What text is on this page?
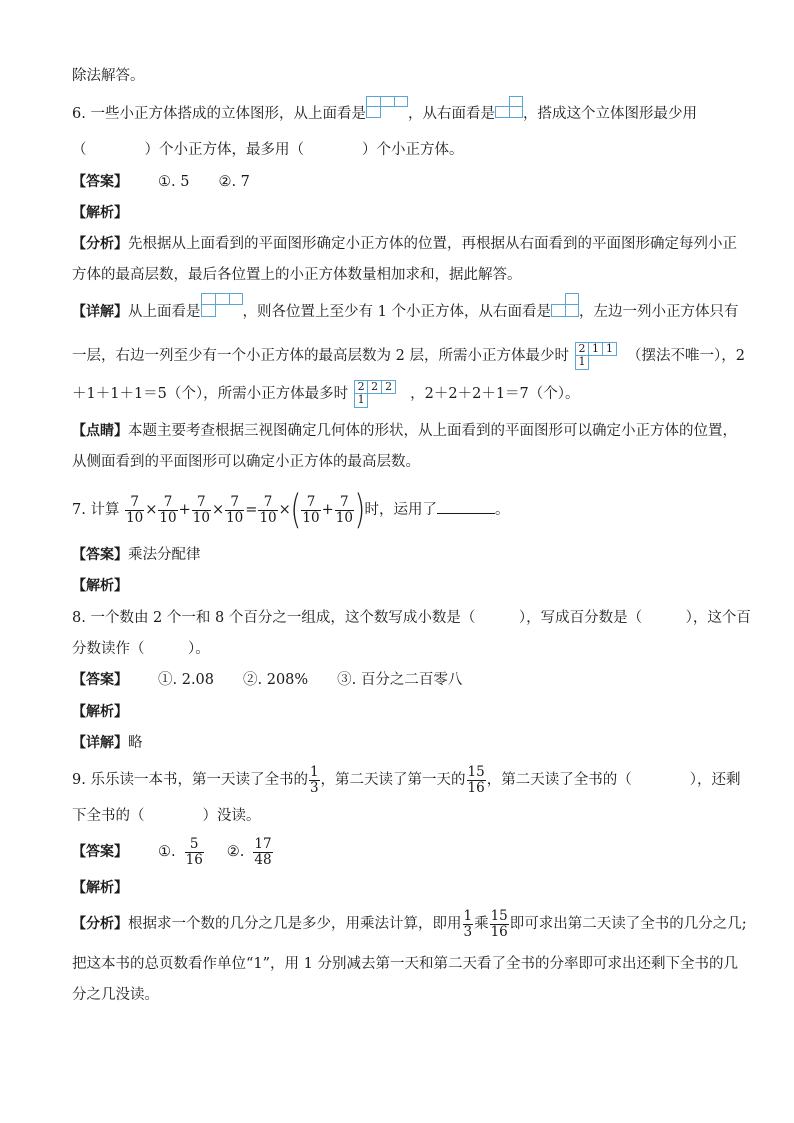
除法解答。
6. 一些小正方体搭成的立体图形，从上面看是	，从右面看是 ，搭成这个立体图形最少用
（　　　　）个小正方体，最多用（　　　　）个小正方体。
【答案】 ①. 5　　②. 7
【解析】
【分析】先根据从上面看到的平面图形确定小正方体的位置，再根据从右面看到的平面图形确定每列小正
方体的最高层数，最后各位置上的小正方体数量相加求和，据此解答。
【详解】从上面看是	，则各位置上至少有 1 个小正方体，从右面看是 ，左边一列小正方体只有
一层，右边一列至少有一个小正方体的最高层数为 2 层，所需小正方体最少时 2 1 1
1	（摆法不唯一），2
＋1＋1＋1＝5（个），所需小正方体最多时 2 2 2
1	，2＋2＋2＋1＝7（个）。
【点睛】本题主要考查根据三视图确定几何体的形状，从上面看到的平面图形可以确定小正方体的位置，
从侧面看到的平面图形可以确定小正方体的最高层数。
7. 计算 $\frac{7}{10} \times \frac{7}{10} + \frac{7}{10} \times \frac{7}{10} = \frac{7}{10}$ ×( $\frac{7}{10} + \frac{7}{10}$ )时，运用了	。
【答案】乘法分配律
【解析】
8. 一个数由 2 个一和 8 个百分之一组成，这个数写成小数是（　　　），写成百分数是（　　　），这个百
分数读作（　　　）。
【答案】 ①. 2.08　　②. 208%　　③. 百分之二百零八
【解析】
【详解】略
9. 乐乐读一本书，第一天读了全书的 $\frac{1}{3}$ ，第二天读了第一天的 $\frac{15}{16}$ ，第二天读了全书的（　　　　），还剩
下全书的（　　　　）没读。
【答案】 ①. $\frac{5}{16}$ ②. $\frac{17}{48}$
【解析】
【分析】根据求一个数的几分之几是多少，用乘法计算，即用 $\frac{1}{3}$ 乘 $\frac{15}{16}$ 即可求出第二天读了全书的几分之几;
把这本书的总页数看作单位“1”，用 1 分别减去第一天和第二天看了全书的分率即可求出还剩下全书的几
分之几没读。
